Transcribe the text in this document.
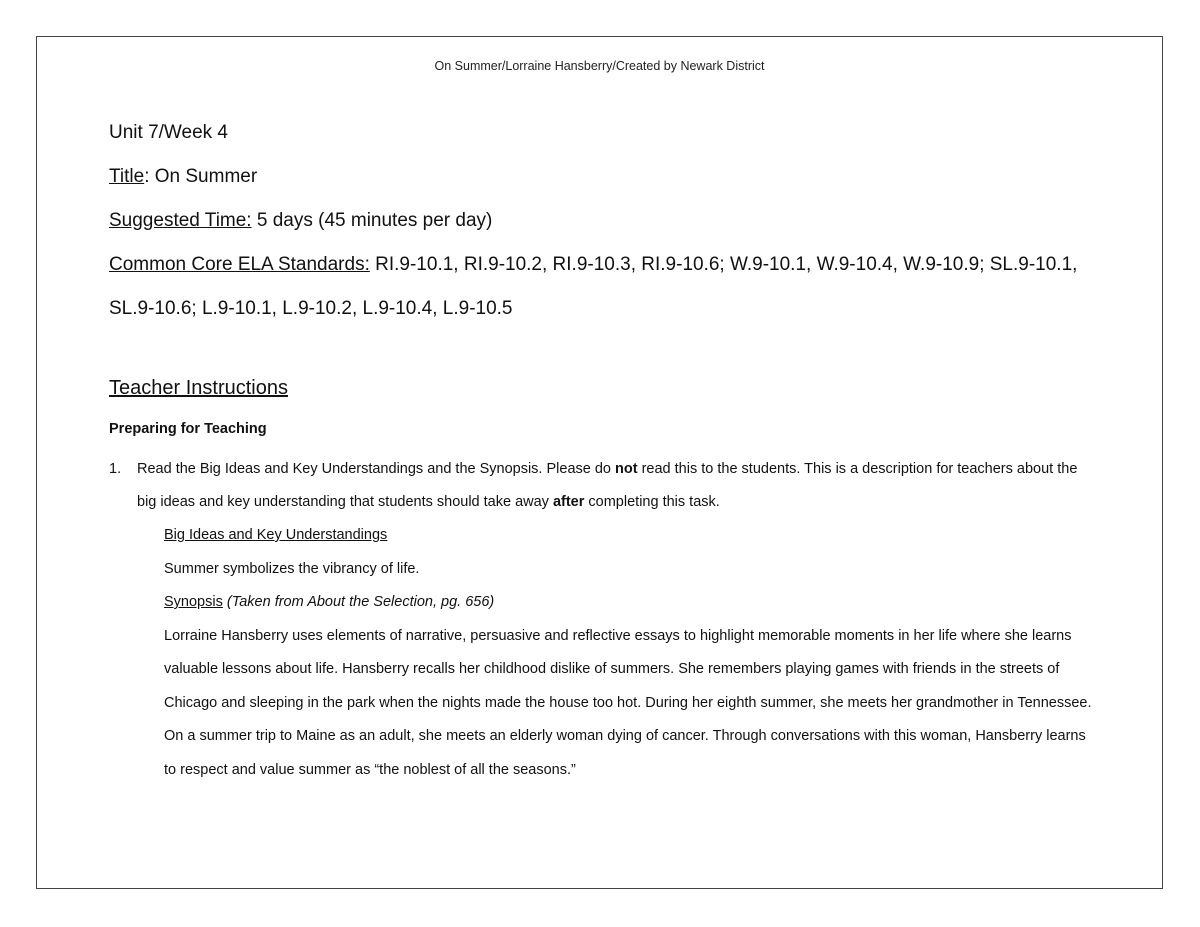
On Summer/Lorraine Hansberry/Created by Newark District
Unit 7/Week 4
Title: On Summer
Suggested Time: 5 days (45 minutes per day)
Common Core ELA Standards: RI.9-10.1, RI.9-10.2, RI.9-10.3, RI.9-10.6; W.9-10.1, W.9-10.4, W.9-10.9; SL.9-10.1, SL.9-10.6; L.9-10.1, L.9-10.2, L.9-10.4, L.9-10.5
Teacher Instructions
Preparing for Teaching
1. Read the Big Ideas and Key Understandings and the Synopsis. Please do not read this to the students. This is a description for teachers about the big ideas and key understanding that students should take away after completing this task.
Big Ideas and Key Understandings
Summer symbolizes the vibrancy of life.
Synopsis (Taken from About the Selection, pg. 656)
Lorraine Hansberry uses elements of narrative, persuasive and reflective essays to highlight memorable moments in her life where she learns valuable lessons about life. Hansberry recalls her childhood dislike of summers. She remembers playing games with friends in the streets of Chicago and sleeping in the park when the nights made the house too hot. During her eighth summer, she meets her grandmother in Tennessee. On a summer trip to Maine as an adult, she meets an elderly woman dying of cancer. Through conversations with this woman, Hansberry learns to respect and value summer as “the noblest of all the seasons.”
